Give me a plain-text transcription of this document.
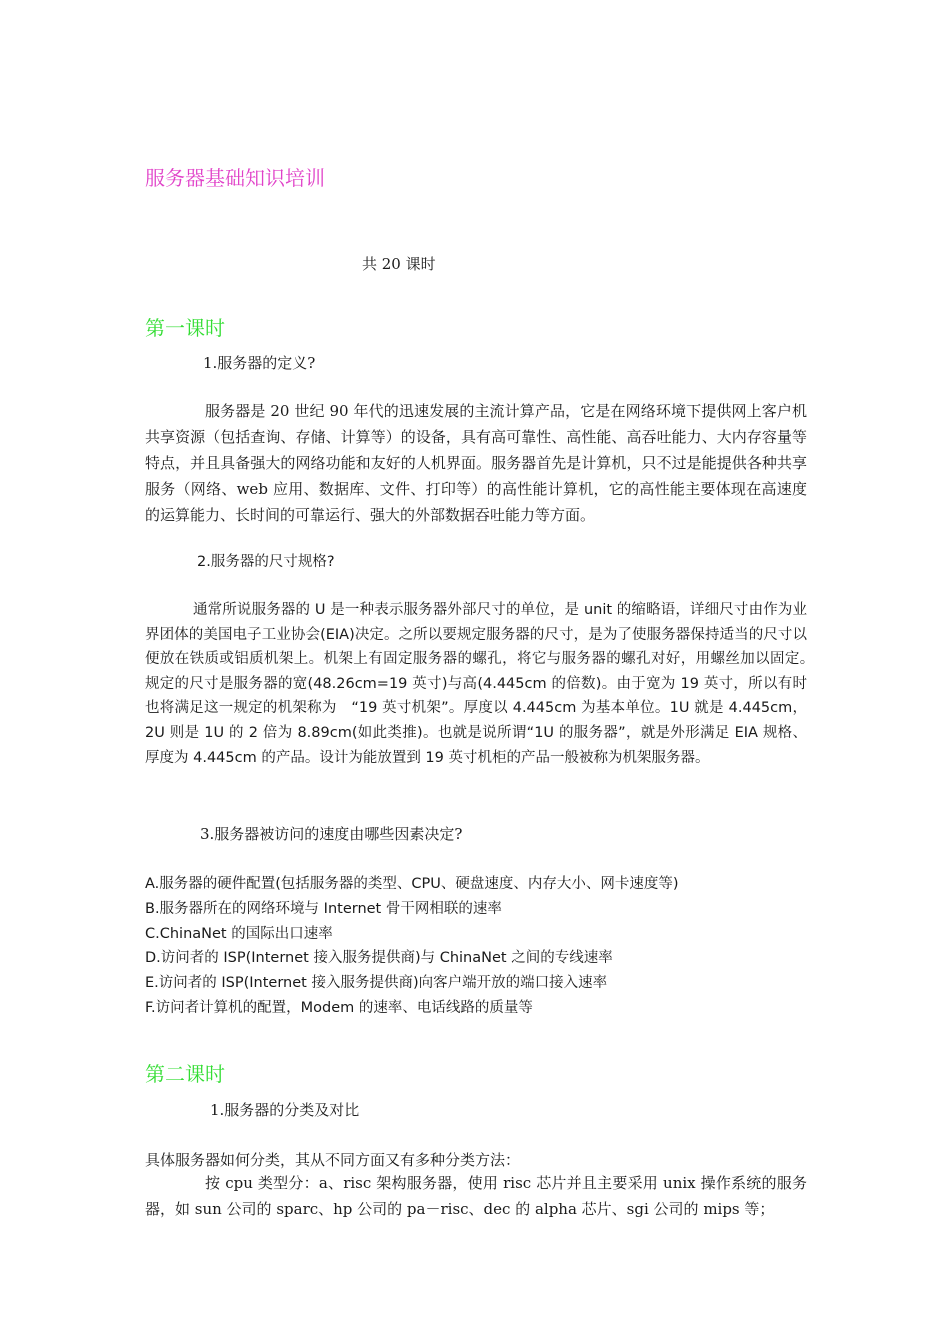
服务器基础知识培训

共 20 课时

第一课时

1.服务器的定义?

服务器是 20 世纪 90 年代的迅速发展的主流计算产品，它是在网络环境下提供网上客户机共享资源（包括查询、存储、计算等）的设备，具有高可靠性、高性能、高吞吐能力、大内存容量等特点，并且具备强大的网络功能和友好的人机界面。服务器首先是计算机，只不过是能提供各种共享服务（网络、web 应用、数据库、文件、打印等）的高性能计算机，它的高性能主要体现在高速度的运算能力、长时间的可靠运行、强大的外部数据吞吐能力等方面。

2.服务器的尺寸规格?

通常所说服务器的 U 是一种表示服务器外部尺寸的单位，是 unit 的缩略语，详细尺寸由作为业界团体的美国电子工业协会(EIA)决定。之所以要规定服务器的尺寸，是为了使服务器保持适当的尺寸以便放在铁质或铝质机架上。机架上有固定服务器的螺孔，将它与服务器的螺孔对好，用螺丝加以固定。　规定的尺寸是服务器的宽(48.26cm=19 英寸)与高(4.445cm 的倍数)。由于宽为 19 英寸，所以有时也将满足这一规定的机架称为　“19 英寸机架”。厚度以 4.445cm 为基本单位。1U 就是 4.445cm，2U 则是 1U 的 2 倍为 8.89cm(如此类推)。也就是说所谓“1U 的服务器”，就是外形满足 EIA 规格、厚度为 4.445cm 的产品。设计为能放置到 19 英寸机柜的产品一般被称为机架服务器。

3.服务器被访问的速度由哪些因素决定?

A.服务器的硬件配置(包括服务器的类型、CPU、硬盘速度、内存大小、网卡速度等)
B.服务器所在的网络环境与 Internet 骨干网相联的速率
C.ChinaNet 的国际出口速率
D.访问者的 ISP(Internet 接入服务提供商)与 ChinaNet 之间的专线速率
E.访问者的 ISP(Internet 接入服务提供商)向客户端开放的端口接入速率
F.访问者计算机的配置，Modem 的速率、电话线路的质量等
第二课时

1.服务器的分类及对比

具体服务器如何分类，其从不同方面又有多种分类方法：

按 cpu 类型分：a、risc 架构服务器，使用 risc 芯片并且主要采用 unix 操作系统的服务器，如 sun 公司的 sparc、hp 公司的 pa－risc、dec 的 alpha 芯片、sgi 公司的 mips 等；
